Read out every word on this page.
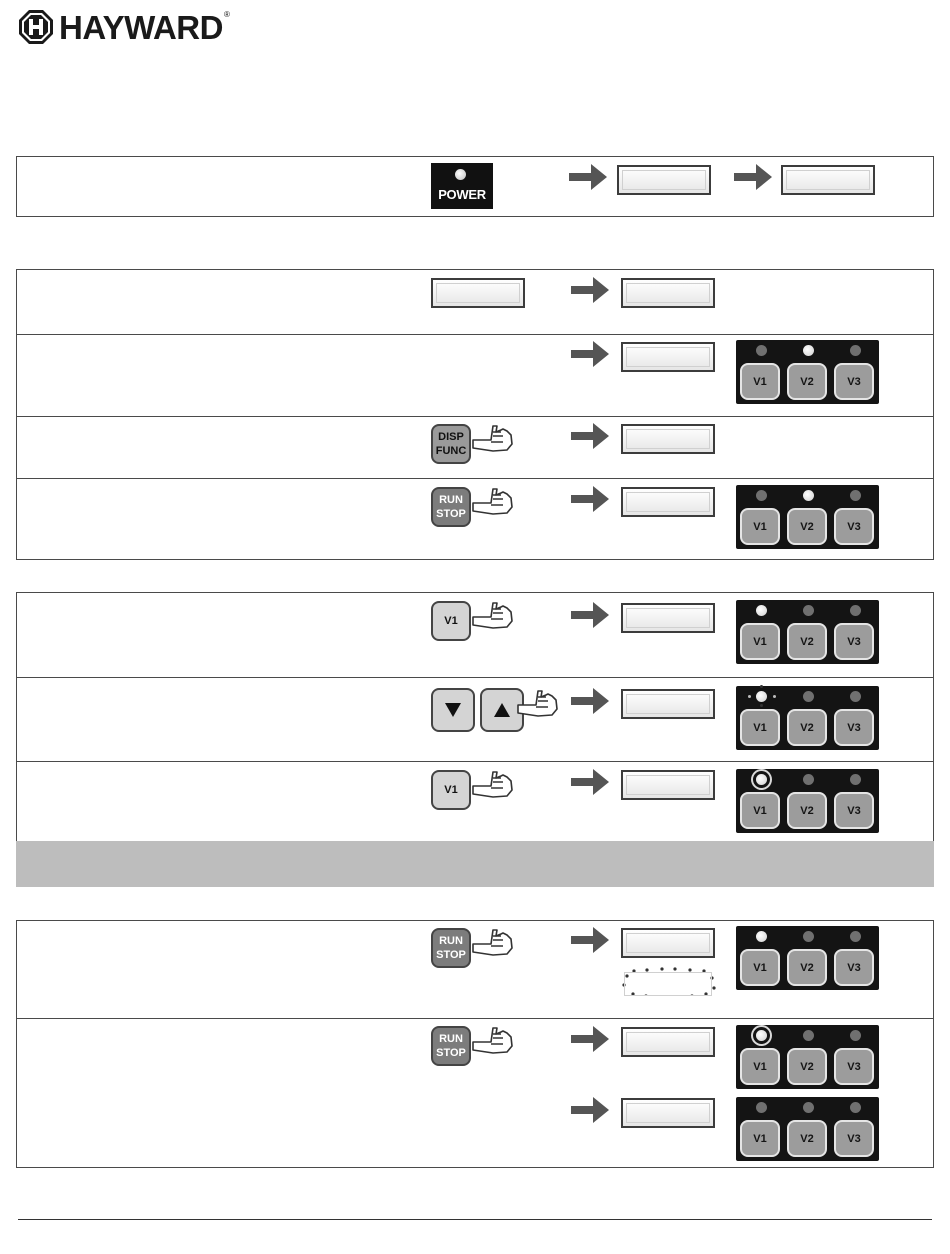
HAYWARD ®
POWER
V1	V2	V3
DISP
FUNC
RUN
STOP
V1	V2	V3
V1
V1	V2	V3
V1	V2	V3
V1
V1	V2	V3
RUN
STOP
V1	V2	V3
RUN
STOP
V1	V2	V3
V1	V2	V3
